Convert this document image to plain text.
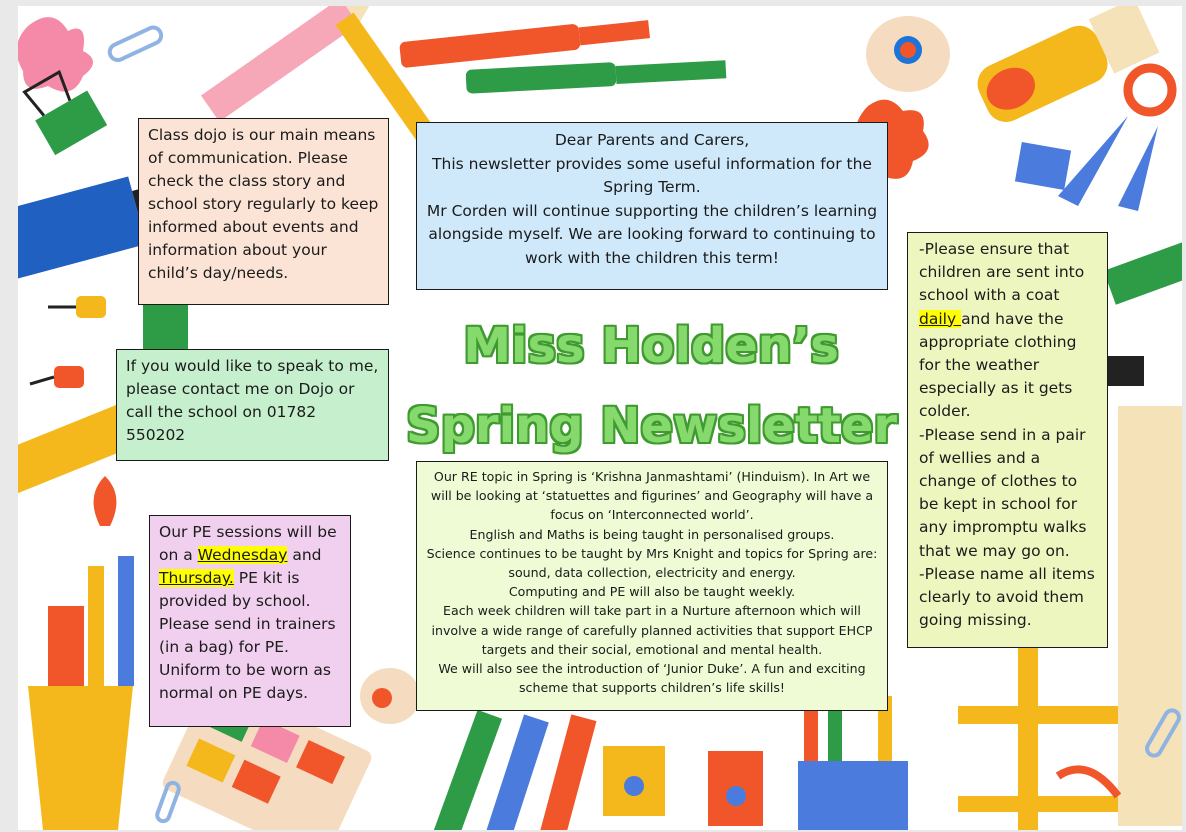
Miss Holden’s
Spring Newsletter

Class dojo is our main means of communication. Please check the class story and school story regularly to keep informed about events and information about your child’s day/needs.

If you would like to speak to me, please contact me on Dojo or call the school on 01782 550202

Our PE sessions will be on a Wednesday and Thursday. PE kit is provided by school. Please send in trainers (in a bag) for PE. Uniform to be worn as normal on PE days.

Dear Parents and Carers,

This newsletter provides some useful information for the Spring Term.

Mr Corden will continue supporting the children’s learning alongside myself. We are looking forward to continuing to work with the children this term!

Our RE topic in Spring is ‘Krishna Janmashtami’ (Hinduism). In Art we will be looking at ‘statuettes and figurines’ and Geography will have a focus on ‘Interconnected world’.

English and Maths is being taught in personalised groups.

Science continues to be taught by Mrs Knight and topics for Spring are: sound, data collection, electricity and energy.

Computing and PE will also be taught weekly.

Each week children will take part in a Nurture afternoon which will involve a wide range of carefully planned activities that support EHCP targets and their social, emotional and mental health.

We will also see the introduction of ‘Junior Duke’. A fun and exciting scheme that supports children’s life skills!

-Please ensure that children are sent into school with a coat daily and have the appropriate clothing for the weather especially as it gets colder.

-Please send in a pair of wellies and a change of clothes to be kept in school for any impromptu walks that we may go on.

-Please name all items clearly to avoid them going missing.
